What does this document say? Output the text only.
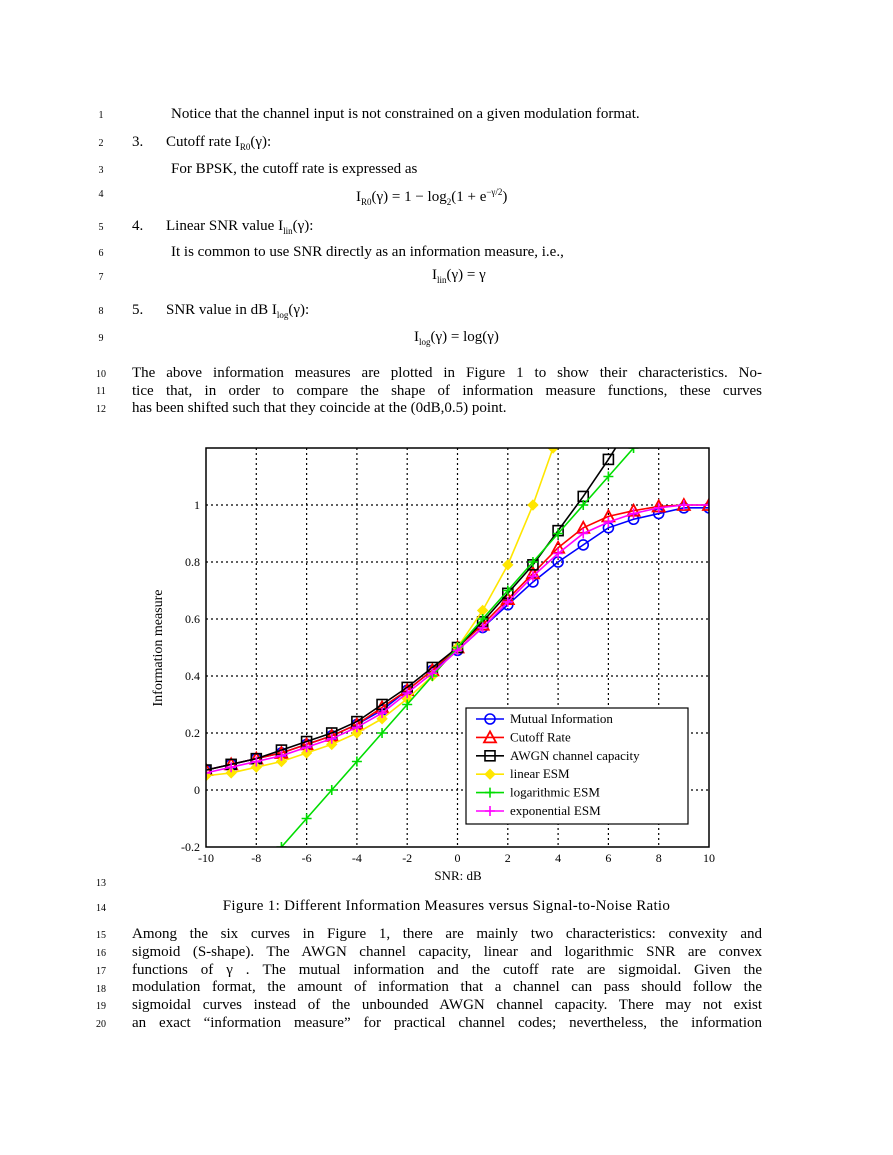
1
2
3
4
5
6
7
8
9
10
11
12
13
14
15
16
17
18
19
20
Notice that the channel input is not constrained on a given modulation format.
3. Cutoff rate $I_{R0}(\gamma)$:
For BPSK, the cutoff rate is expressed as
$I_{R0}(\gamma) = 1 - \log_2(1 + e^{-\gamma/2})$
4. Linear SNR value $I_{lin}(\gamma)$:
It is common to use SNR directly as an information measure, i.e.,
$I_{lin}(\gamma) = \gamma$
5. SNR value in dB $I_{log}(\gamma)$:
$I_{log}(\gamma) = \log(\gamma)$
The above information measures are plotted in Figure 1 to show their characteristics. No-
tice that, in order to compare the shape of information measure functions, these curves
has been shifted such that they coincide at the (0dB,0.5) point.
-10	-8	-6	-4	-2	0	2	4	6	8	10
-0.2
0
0.2
0.4
0.6
0.8
1
SNR: dB
Information measure
Mutual Information
Cutoff Rate
AWGN channel capacity
linear ESM
logarithmic ESM
exponential ESM
Figure 1: Different Information Measures versus Signal-to-Noise Ratio
Among the six curves in Figure 1, there are mainly two characteristics: convexity and
sigmoid (S-shape). The AWGN channel capacity, linear and logarithmic SNR are convex
functions of γ . The mutual information and the cutoff rate are sigmoidal. Given the
modulation format, the amount of information that a channel can pass should follow the
sigmoidal curves instead of the unbounded AWGN channel capacity. There may not exist
an exact “information measure” for practical channel codes; nevertheless, the information
